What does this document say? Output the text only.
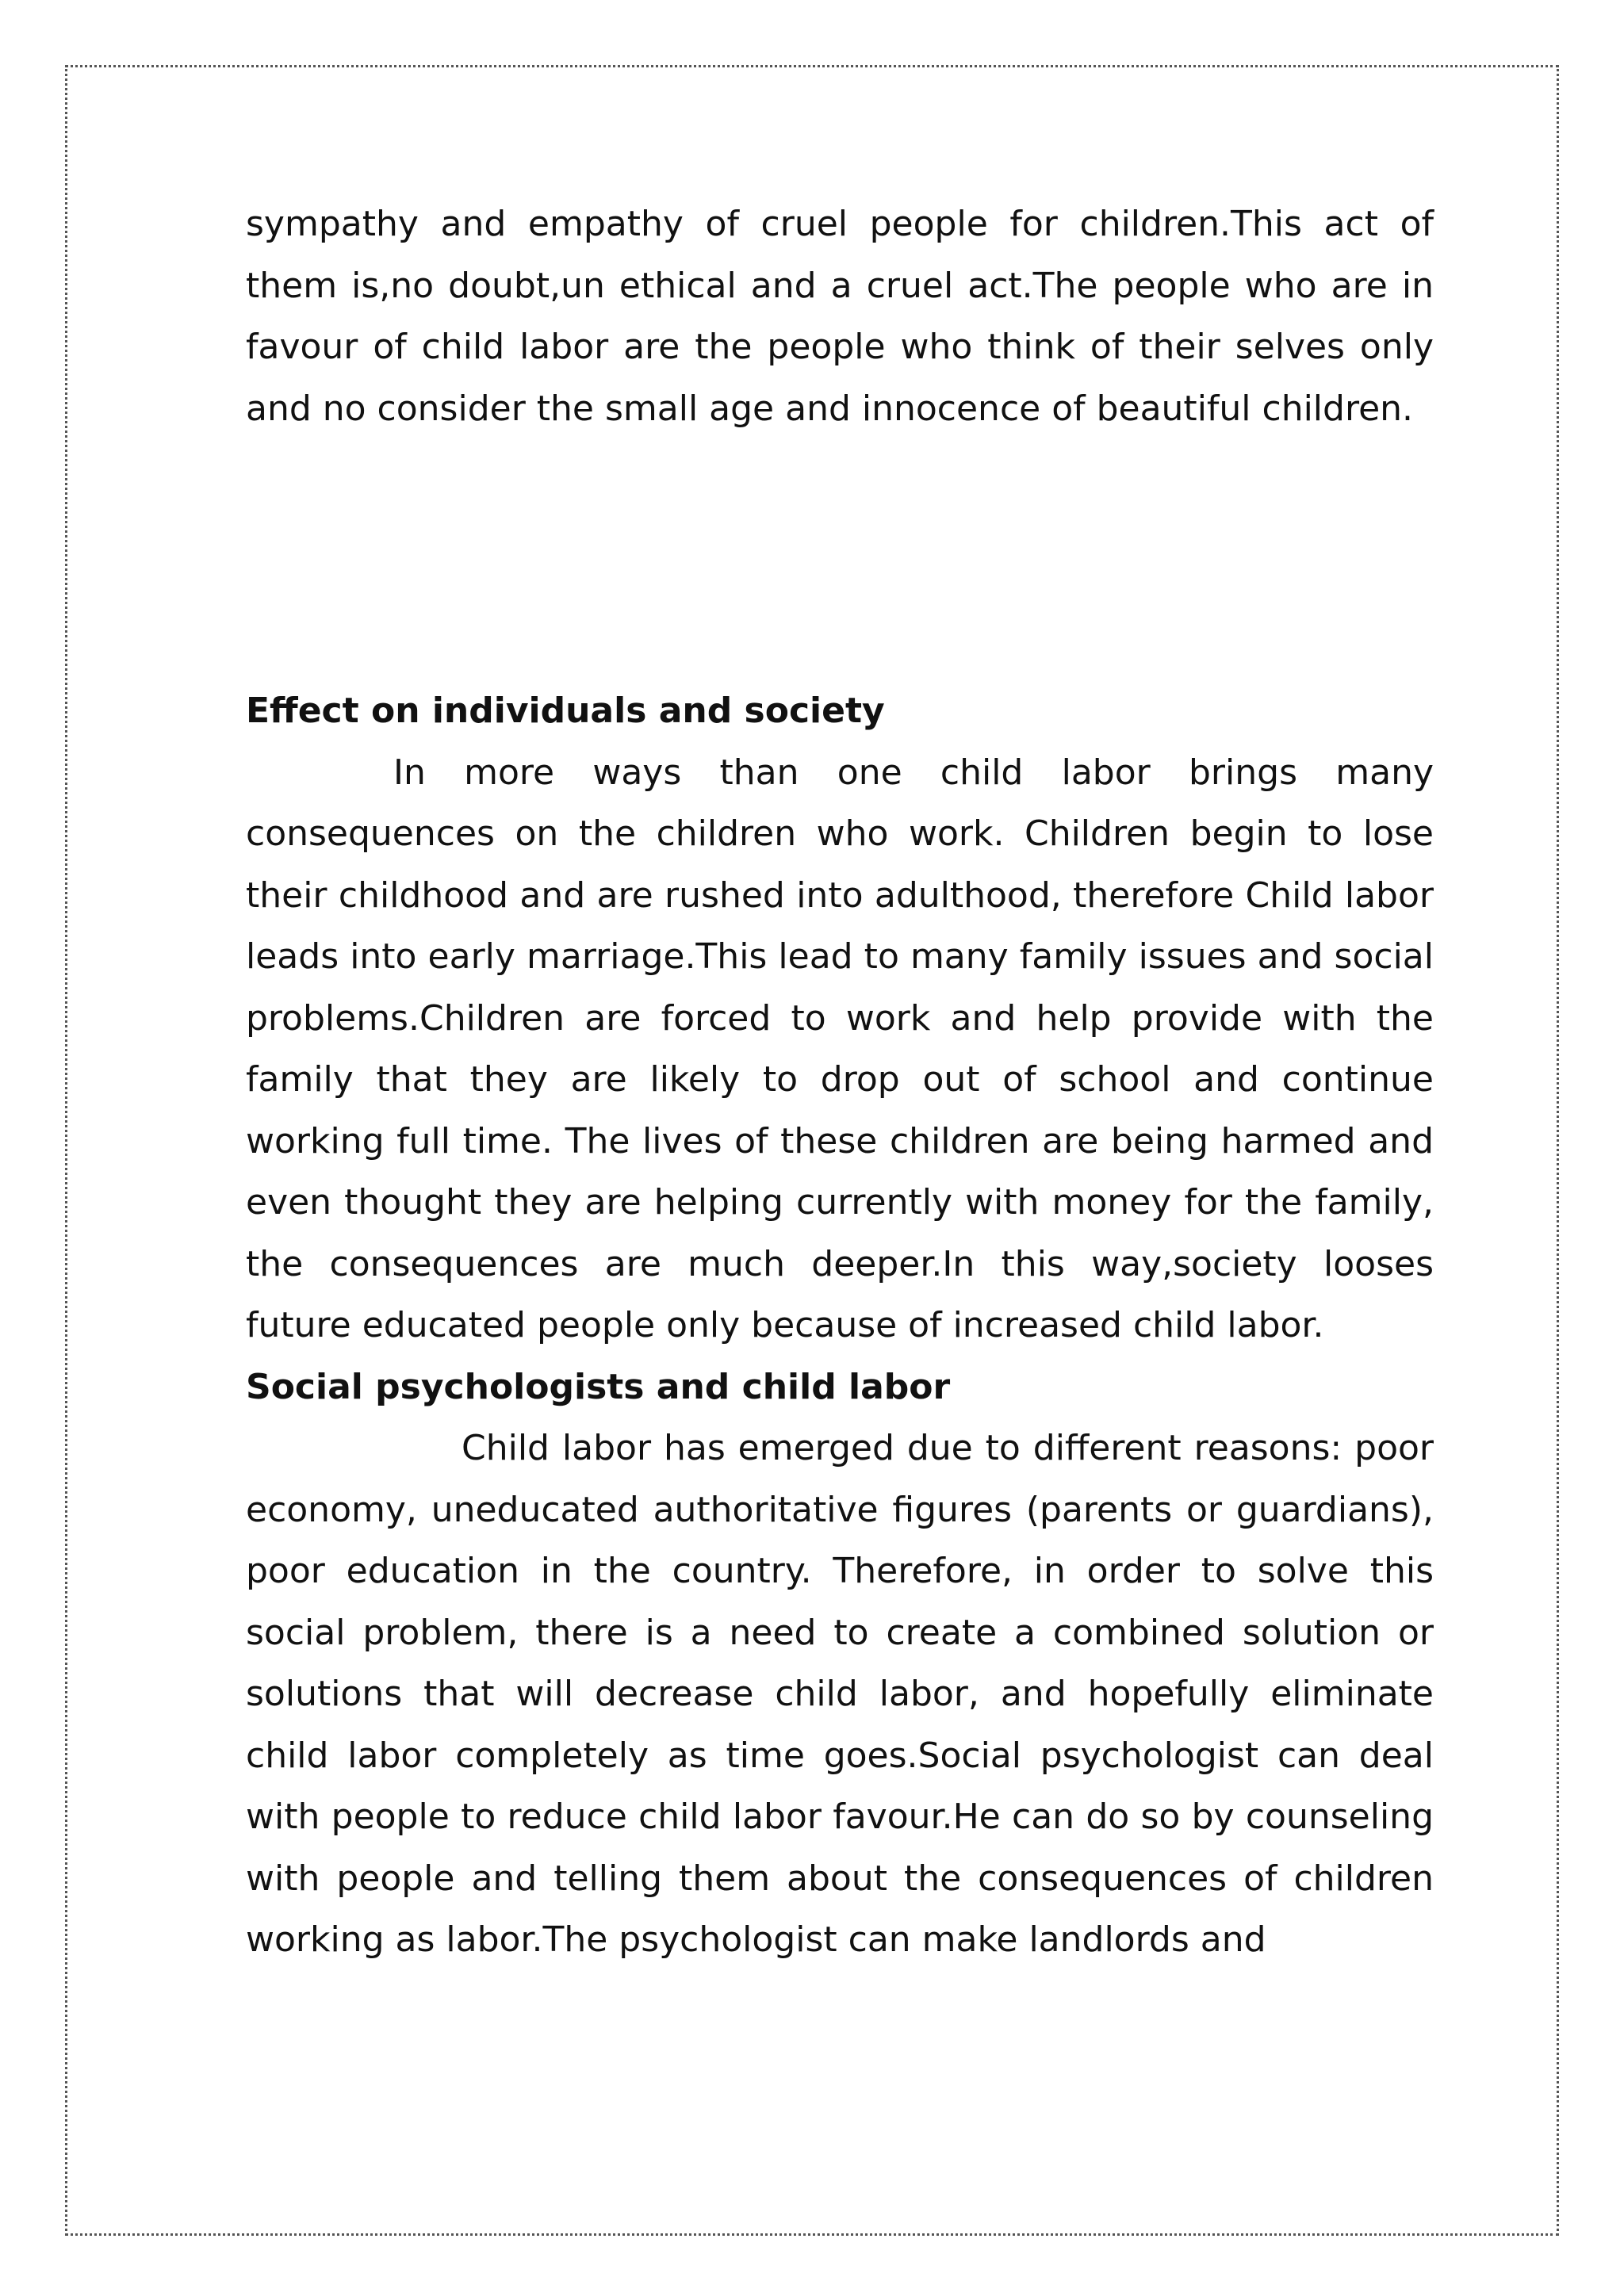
sympathy and empathy of cruel people for children.This act of them is,no doubt,un ethical and a cruel act.The people who are in favour of child labor are the people who think of their selves only and no consider the small age and innocence of beautiful children.

Effect on individuals and society

In more ways than one child labor brings many consequences on the children who work. Children begin to lose their childhood and are rushed into adulthood, therefore Child labor leads into early marriage.This lead to many family issues and social problems.Children are forced to work and help provide with the family that they are likely to drop out of school and continue working full time. The lives of these children are being harmed and even thought they are helping currently with money for the family, the consequences are much deeper.In this way,society looses future educated people only because of increased child labor.

Social psychologists and child labor

Child labor has emerged due to different reasons: poor economy, uneducated authoritative figures (parents or guardians), poor education in the country. Therefore, in order to solve this social problem, there is a need to create a combined solution or solutions that will decrease child labor, and hopefully eliminate child labor completely as time goes.Social psychologist can deal with people to reduce child labor favour.He can do so by counseling with people and telling them about the consequences of children working as labor.The psychologist can make landlords and
